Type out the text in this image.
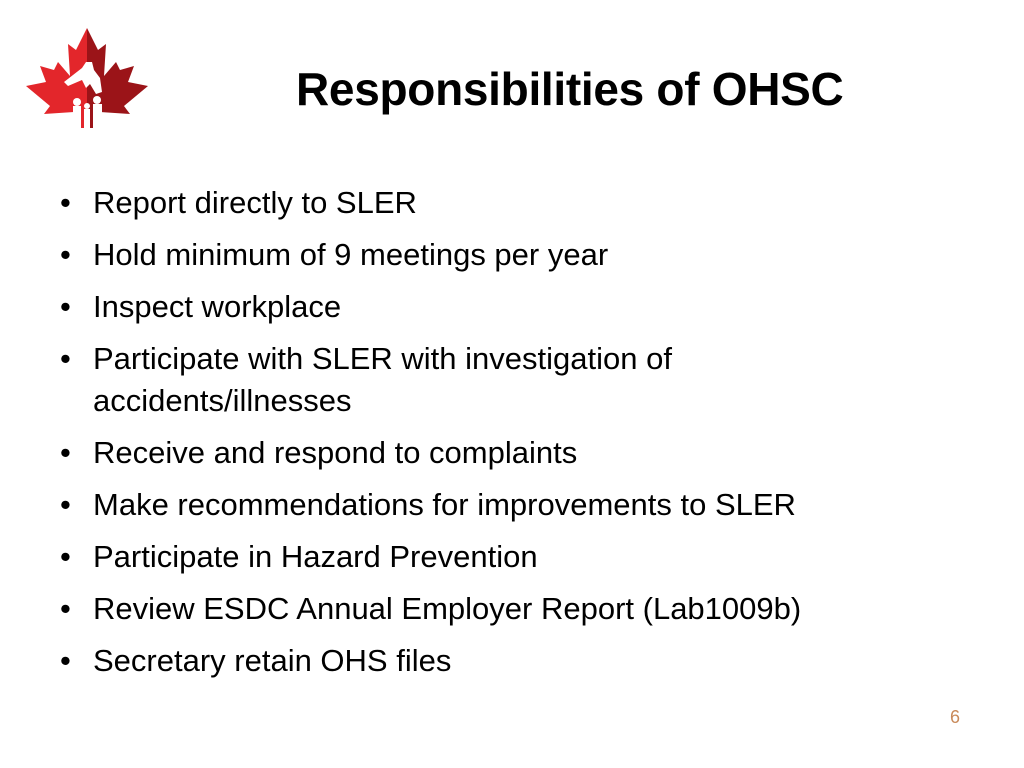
Responsibilities of OHSC
• Report directly to SLER
• Hold minimum of 9 meetings per year
• Inspect workplace
• Participate with SLER with investigation of accidents/illnesses
• Receive and respond to complaints
• Make recommendations for improvements to SLER
• Participate in Hazard Prevention
• Review ESDC Annual Employer Report (Lab1009b)
• Secretary retain OHS files
6
